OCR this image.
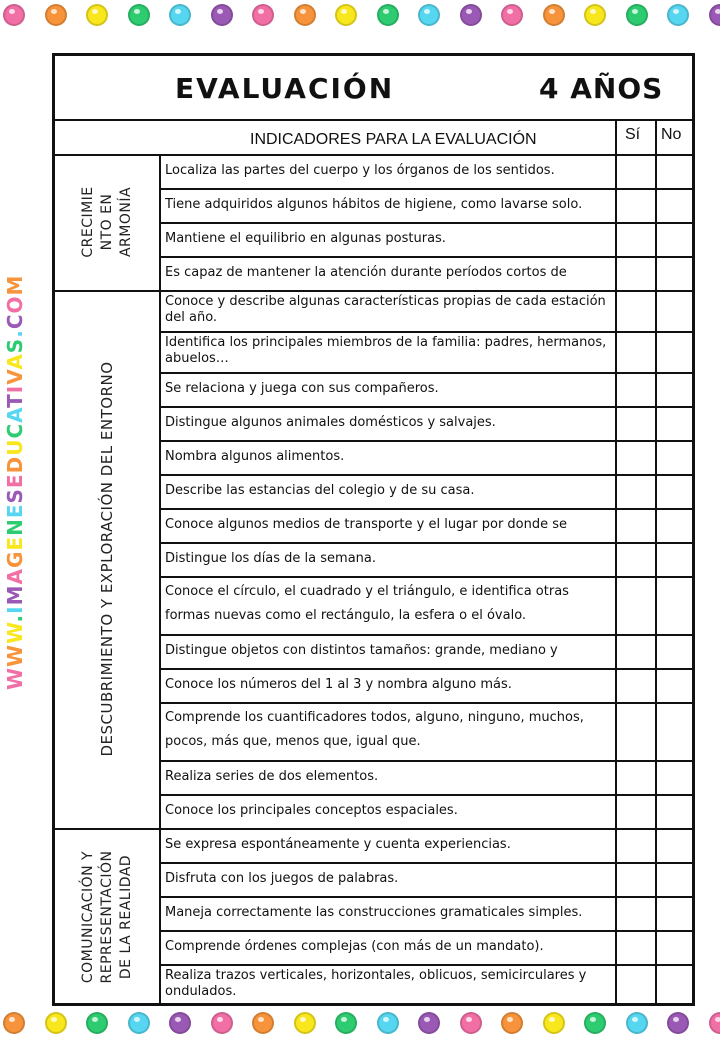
WWW.IMAGENESEDUCATIVAS.COM
EVALUACIÓN	4 AÑOS
INDICADORES PARA LA EVALUACIÓN	Sí No
Localiza las partes del cuerpo y los órganos de los sentidos.
Tiene adquiridos algunos hábitos de higiene, como lavarse solo.
Mantiene el equilibrio en algunas posturas.
Es capaz de mantener la atención durante períodos cortos de
CRECIMIE NTO EN ARMONÍA
Conoce y describe algunas características propias de cada estación del año.
Identifica los principales miembros de la familia: padres, hermanos, abuelos…
Se relaciona y juega con sus compañeros.
Distingue algunos animales domésticos y salvajes.
Nombra algunos alimentos.
Describe las estancias del colegio y de su casa.
Conoce algunos medios de transporte y el lugar por donde se
Distingue los días de la semana.
Conoce el círculo, el cuadrado y el triángulo, e identifica otras formas nuevas como el rectángulo, la esfera o el óvalo.
Distingue objetos con distintos tamaños: grande, mediano y
Conoce los números del 1 al 3 y nombra alguno más.
Comprende los cuantificadores todos, alguno, ninguno, muchos, pocos, más que, menos que, igual que.
Realiza series de dos elementos.
Conoce los principales conceptos espaciales.
DESCUBRIMIENTO Y EXPLORACIÓN DEL ENTORNO
Se expresa espontáneamente y cuenta experiencias.
Disfruta con los juegos de palabras.
Maneja correctamente las construcciones gramaticales simples.
Comprende órdenes complejas (con más de un mandato).
Realiza trazos verticales, horizontales, oblicuos, semicirculares y ondulados.
COMUNICACIÓN Y REPRESENTACIÓN DE LA REALIDAD
